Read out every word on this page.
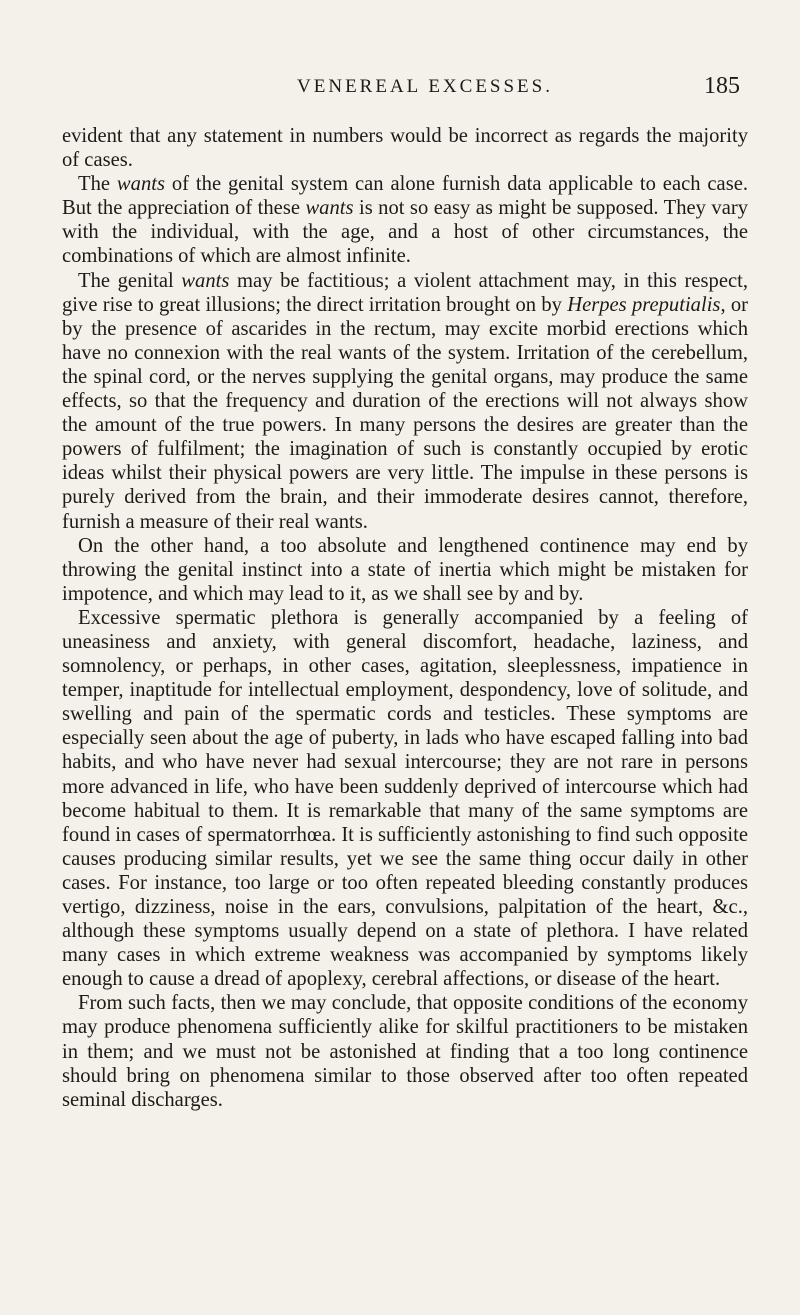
VENEREAL EXCESSES.	185

evident that any statement in numbers would be incorrect as regards the majority of cases.

The wants of the genital system can alone furnish data applicable to each case. But the appreciation of these wants is not so easy as might be supposed. They vary with the individual, with the age, and a host of other circumstances, the combinations of which are almost infinite.

The genital wants may be factitious; a violent attachment may, in this respect, give rise to great illusions; the direct irritation brought on by Herpes preputialis, or by the presence of ascarides in the rectum, may excite morbid erections which have no connexion with the real wants of the system. Irritation of the cerebellum, the spinal cord, or the nerves supplying the genital organs, may produce the same effects, so that the frequency and duration of the erections will not always show the amount of the true powers. In many persons the desires are greater than the powers of fulfilment; the imagination of such is constantly occupied by erotic ideas whilst their physical powers are very little. The impulse in these persons is purely derived from the brain, and their immoderate desires cannot, therefore, furnish a measure of their real wants.

On the other hand, a too absolute and lengthened continence may end by throwing the genital instinct into a state of inertia which might be mistaken for impotence, and which may lead to it, as we shall see by and by.

Excessive spermatic plethora is generally accompanied by a feeling of uneasiness and anxiety, with general discomfort, headache, laziness, and somnolency, or perhaps, in other cases, agitation, sleeplessness, impatience in temper, inaptitude for intellectual employment, despondency, love of solitude, and swelling and pain of the spermatic cords and testicles. These symptoms are especially seen about the age of puberty, in lads who have escaped falling into bad habits, and who have never had sexual intercourse; they are not rare in persons more advanced in life, who have been suddenly deprived of intercourse which had become habitual to them. It is remarkable that many of the same symptoms are found in cases of spermatorrhœa. It is sufficiently astonishing to find such opposite causes producing similar results, yet we see the same thing occur daily in other cases. For instance, too large or too often repeated bleeding constantly produces vertigo, dizziness, noise in the ears, convulsions, palpitation of the heart, &c., although these symptoms usually depend on a state of plethora. I have related many cases in which extreme weakness was accompanied by symptoms likely enough to cause a dread of apoplexy, cerebral affections, or disease of the heart.

From such facts, then we may conclude, that opposite conditions of the economy may produce phenomena sufficiently alike for skilful practitioners to be mistaken in them; and we must not be astonished at finding that a too long continence should bring on phenomena similar to those observed after too often repeated seminal discharges.
